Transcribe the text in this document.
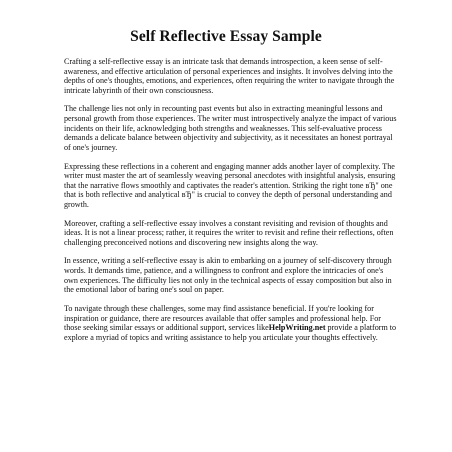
Self Reflective Essay Sample

Crafting a self-reflective essay is an intricate task that demands introspection, a keen sense of self-awareness, and effective articulation of personal experiences and insights. It involves delving into the depths of one's thoughts, emotions, and experiences, often requiring the writer to navigate through the intricate labyrinth of their own consciousness.

The challenge lies not only in recounting past events but also in extracting meaningful lessons and personal growth from those experiences. The writer must introspectively analyze the impact of various incidents on their life, acknowledging both strengths and weaknesses. This self-evaluative process demands a delicate balance between objectivity and subjectivity, as it necessitates an honest portrayal of one's journey.

Expressing these reflections in a coherent and engaging manner adds another layer of complexity. The writer must master the art of seamlessly weaving personal anecdotes with insightful analysis, ensuring that the narrative flows smoothly and captivates the reader's attention. Striking the right tone вЂ" one that is both reflective and analytical вЂ" is crucial to convey the depth of personal understanding and growth.

Moreover, crafting a self-reflective essay involves a constant revisiting and revision of thoughts and ideas. It is not a linear process; rather, it requires the writer to revisit and refine their reflections, often challenging preconceived notions and discovering new insights along the way.

In essence, writing a self-reflective essay is akin to embarking on a journey of self-discovery through words. It demands time, patience, and a willingness to confront and explore the intricacies of one's own experiences. The difficulty lies not only in the technical aspects of essay composition but also in the emotional labor of baring one's soul on paper.

To navigate through these challenges, some may find assistance beneficial. If you're looking for inspiration or guidance, there are resources available that offer samples and professional help. For those seeking similar essays or additional support, services likeHelpWriting.net provide a platform to explore a myriad of topics and writing assistance to help you articulate your thoughts effectively.
